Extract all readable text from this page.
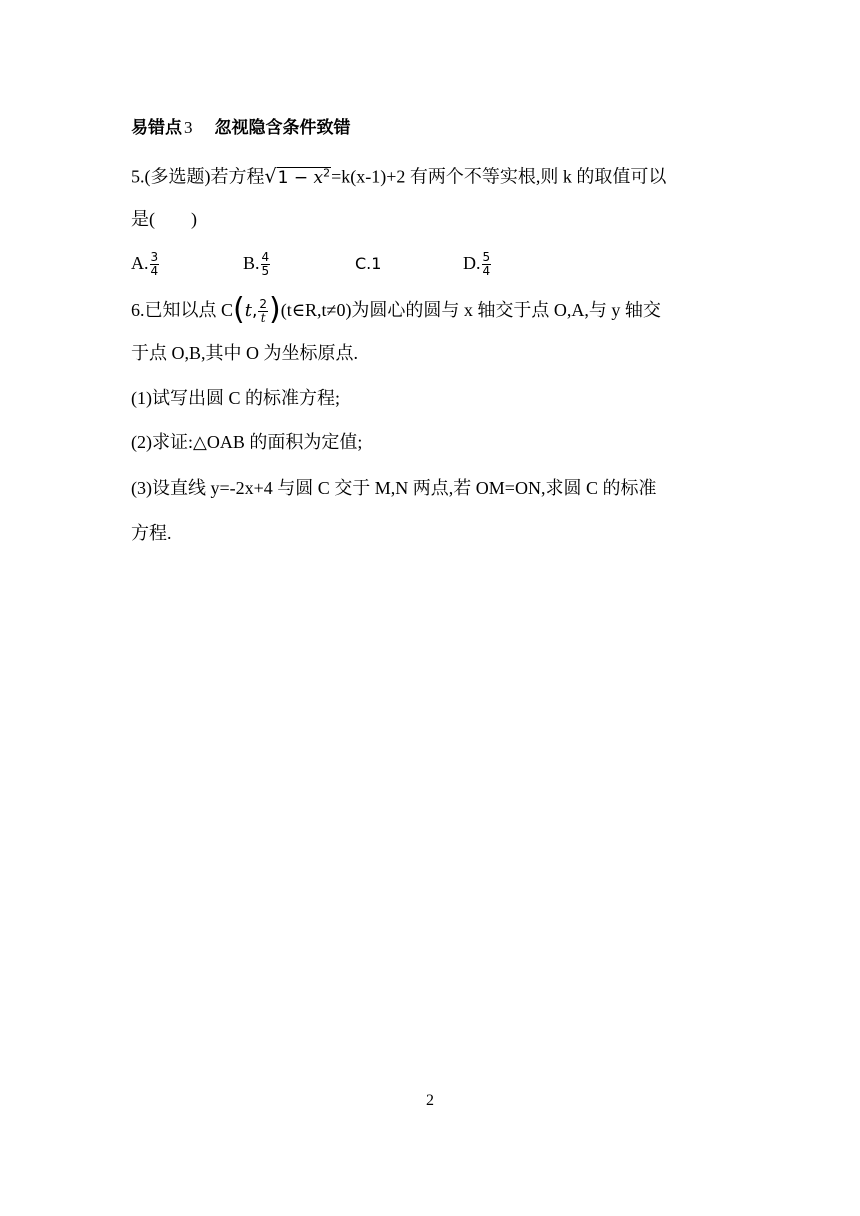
易错点 3 忽视隐含条件致错
5.(多选题)若方程$√1 - x^2=k(x-1)+2$ 有两个不等实根,则 k 的取值可以
是(　　)
A. $\frac{3}{4}$	B. $\frac{4}{5}$	C.1	D. $\frac{5}{4}$
6.已知以点 C(t, $\frac{2}{t}$ )(t∈R,t≠0)为圆心的圆与 x 轴交于点 O,A,与 y 轴交
于点 O,B,其中 O 为坐标原点.
(1)试写出圆 C 的标准方程;
(2)求证:△OAB 的面积为定值;
(3)设直线 y=-2x+4 与圆 C 交于 M,N 两点,若 OM=ON,求圆 C 的标准
方程.
2
